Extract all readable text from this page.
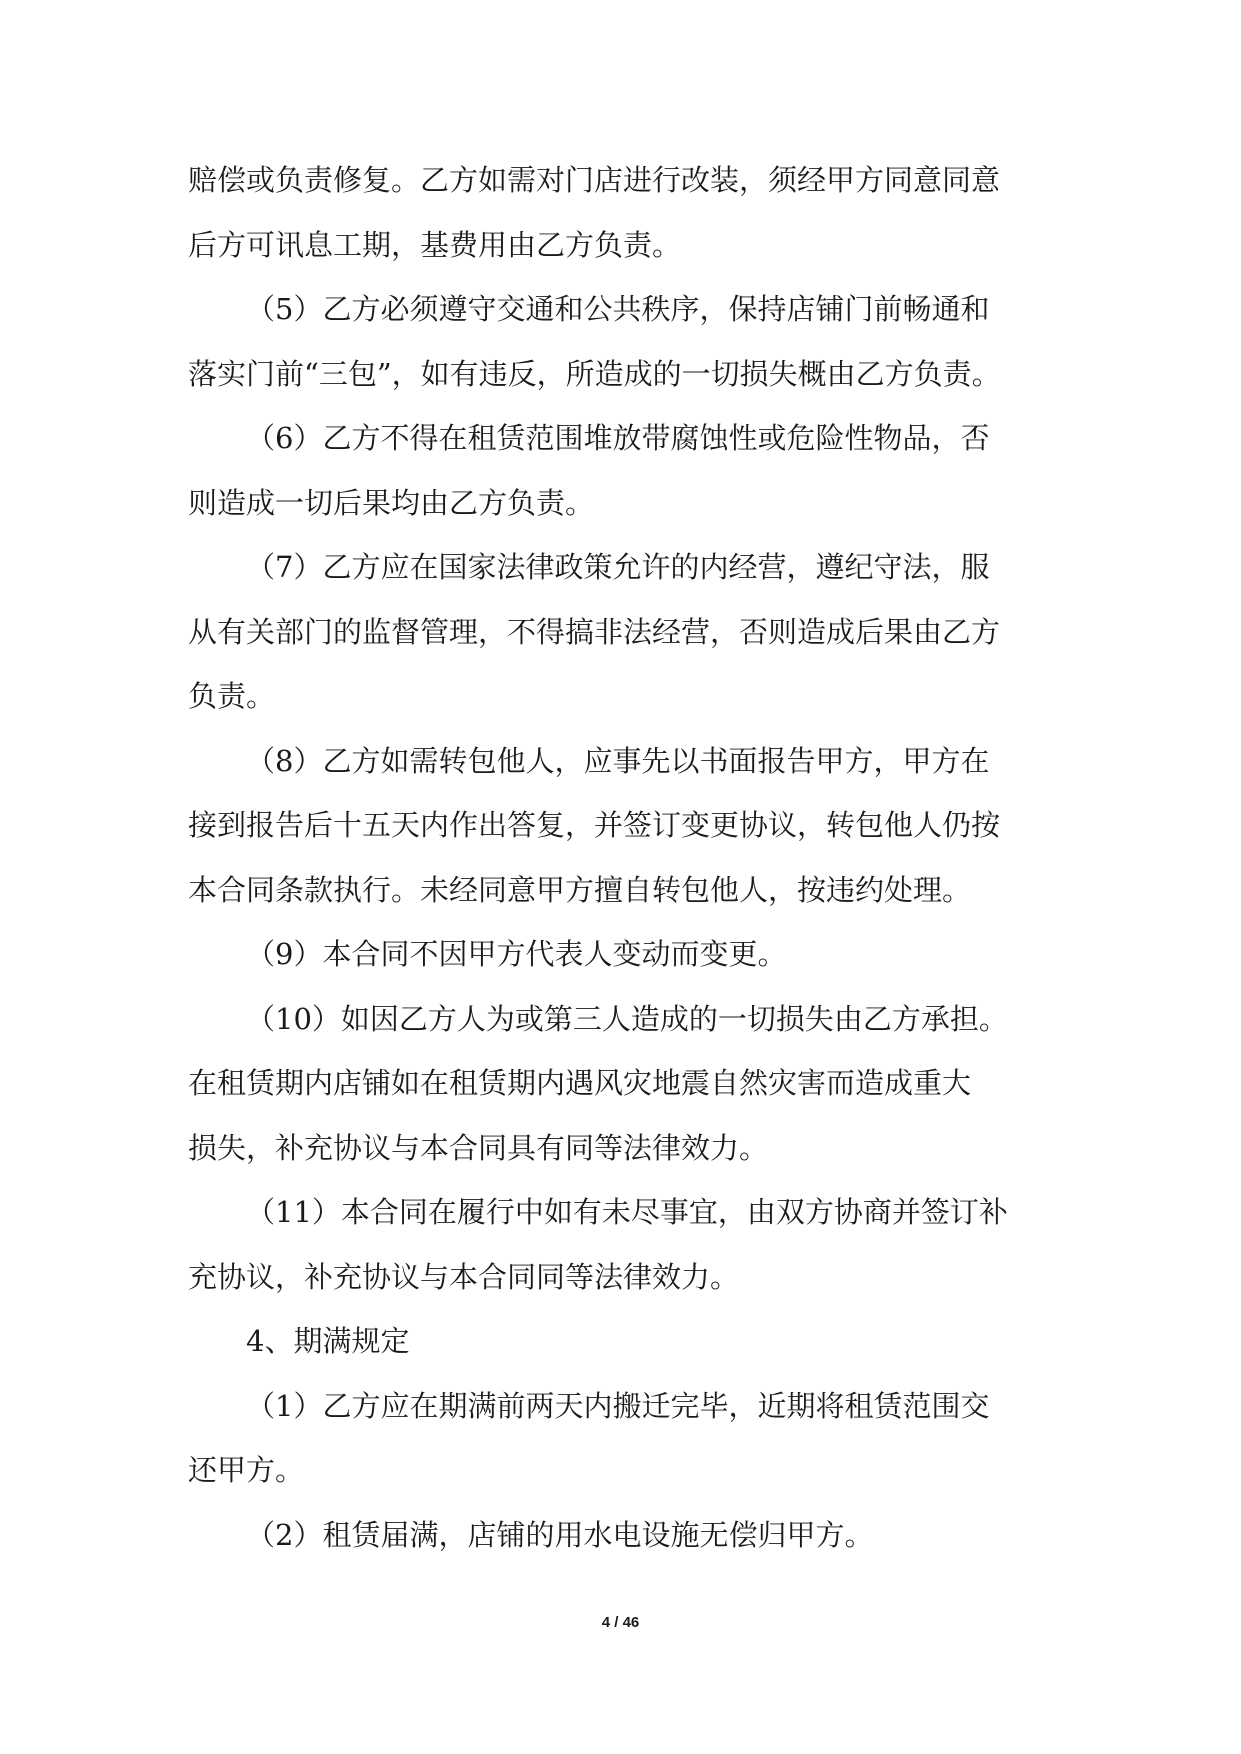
赔偿或负责修复。乙方如需对门店进行改装，须经甲方同意同意
后方可讯息工期，基费用由乙方负责。
（5）乙方必须遵守交通和公共秩序，保持店铺门前畅通和
落实门前“三包”，如有违反，所造成的一切损失概由乙方负责。
（6）乙方不得在租赁范围堆放带腐蚀性或危险性物品，否
则造成一切后果均由乙方负责。
（7）乙方应在国家法律政策允许的内经营，遵纪守法，服
从有关部门的监督管理，不得搞非法经营，否则造成后果由乙方
负责。
（8）乙方如需转包他人，应事先以书面报告甲方，甲方在
接到报告后十五天内作出答复，并签订变更协议，转包他人仍按
本合同条款执行。未经同意甲方擅自转包他人，按违约处理。
（9）本合同不因甲方代表人变动而变更。
（10）如因乙方人为或第三人造成的一切损失由乙方承担。
在租赁期内店铺如在租赁期内遇风灾地震自然灾害而造成重大
损失，补充协议与本合同具有同等法律效力。
（11）本合同在履行中如有未尽事宜，由双方协商并签订补
充协议，补充协议与本合同同等法律效力。
4、期满规定
（1）乙方应在期满前两天内搬迁完毕，近期将租赁范围交
还甲方。
（2）租赁届满，店铺的用水电设施无偿归甲方。
4 / 46
